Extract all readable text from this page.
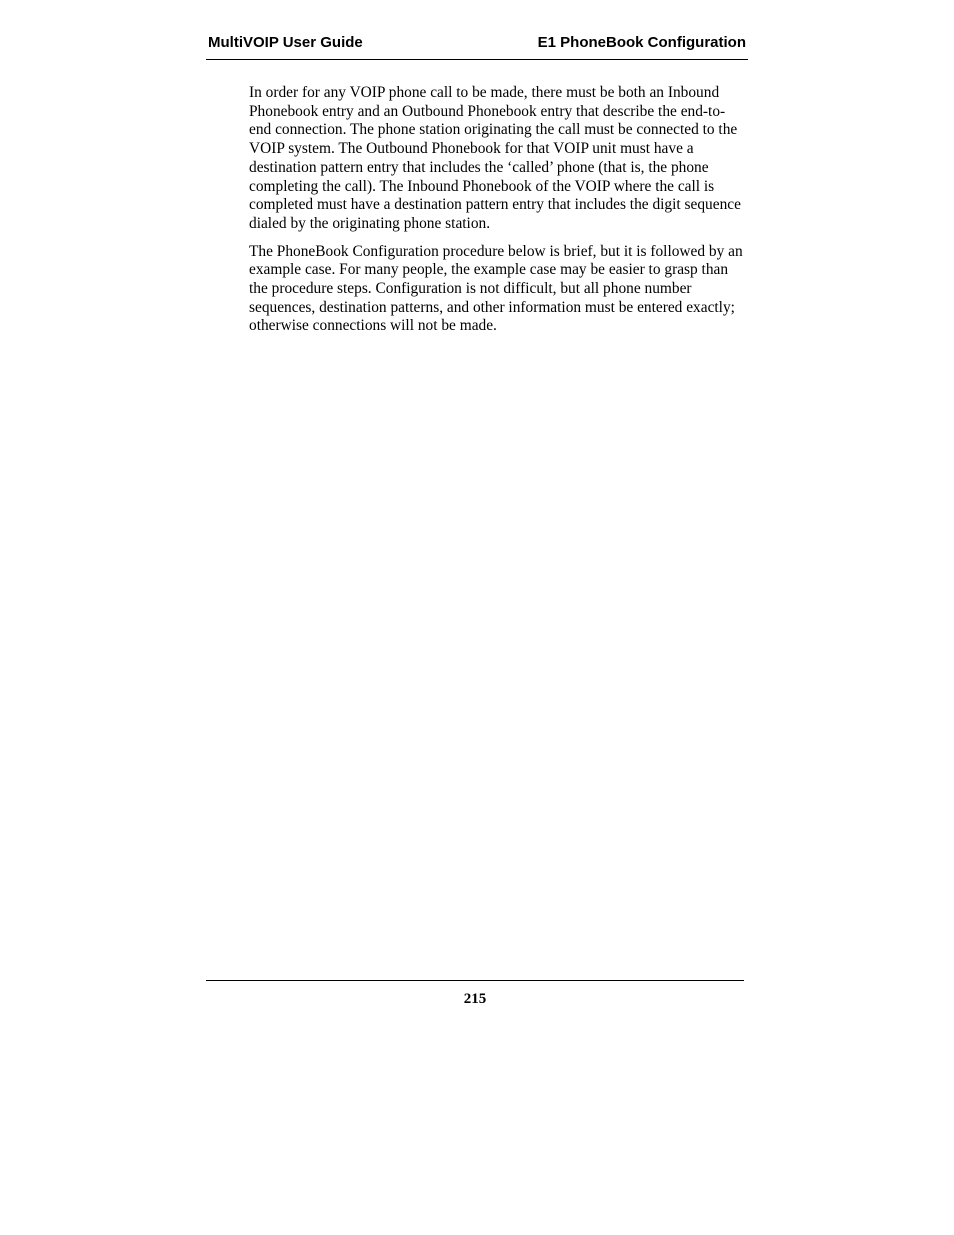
MultiVOIP User Guide	E1 PhoneBook Configuration

In order for any VOIP phone call to be made, there must be both an Inbound Phonebook entry and an Outbound Phonebook entry that describe the end-to-end connection. The phone station originating the call must be connected to the VOIP system. The Outbound Phonebook for that VOIP unit must have a destination pattern entry that includes the ‘called’ phone (that is, the phone completing the call). The Inbound Phonebook of the VOIP where the call is completed must have a destination pattern entry that includes the digit sequence dialed by the originating phone station.

The PhoneBook Configuration procedure below is brief, but it is followed by an example case. For many people, the example case may be easier to grasp than the procedure steps. Configuration is not difficult, but all phone number sequences, destination patterns, and other information must be entered exactly; otherwise connections will not be made.

215
